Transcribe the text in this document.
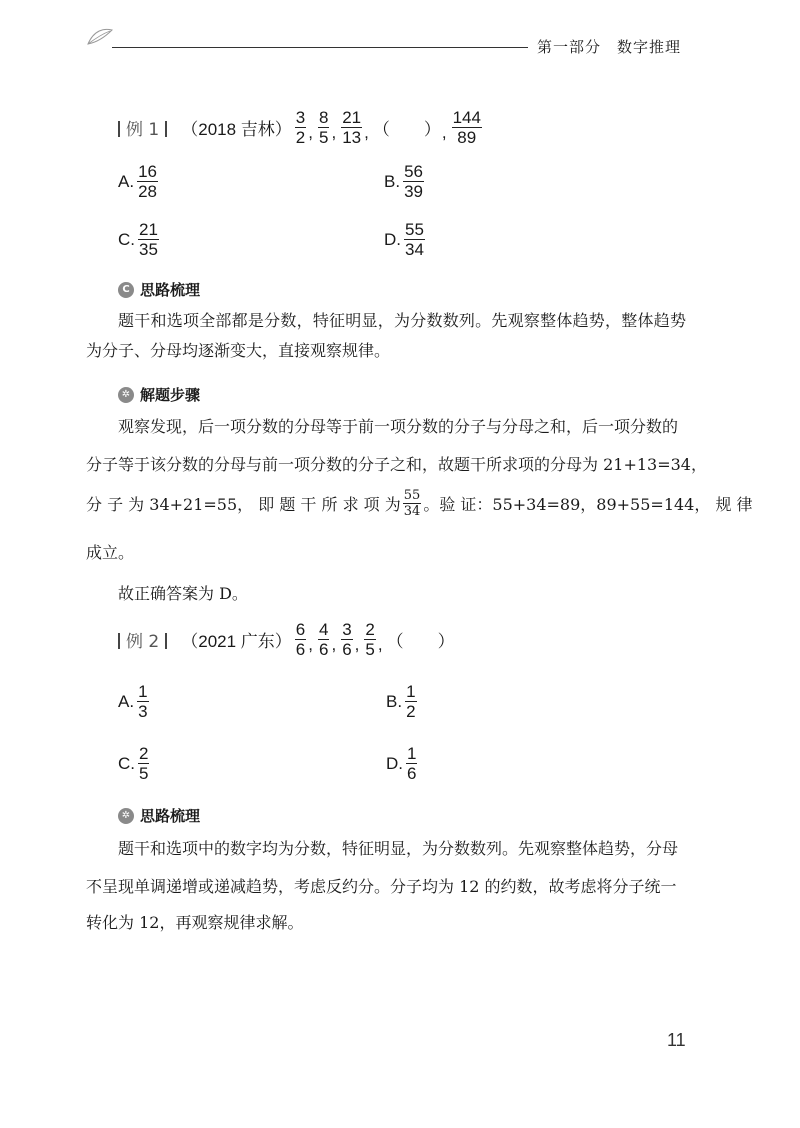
第一部分　数字推理
例 1	（2018 吉林） $\frac{3}{2}$ , $\frac{8}{5}$ , $\frac{21}{13}$ , （　　） , $\frac{144}{89}$
A. $\frac{16}{28}$	B. $\frac{56}{39}$
C. $\frac{21}{35}$	D. $\frac{55}{34}$
C 思路梳理
题干和选项全部都是分数，特征明显，为分数数列。先观察整体趋势，整体趋势为分子、分母均逐渐变大，直接观察规律。
✲ 解题步骤
观察发现，后一项分数的分母等于前一项分数的分子与分母之和，后一项分数的
分子等于该分数的分母与前一项分数的分子之和，故题干所求项的分母为 21+13=34，
分 子 为 34+21=55， 即 题 干 所 求 项 为 $\frac{55}{34}$ 。验 证：55+34=89，89+55=144， 规 律
成立。
故正确答案为 D。
例 2	（2021 广东） $\frac{6}{6}$ , $\frac{4}{6}$ , $\frac{3}{6}$ , $\frac{2}{5}$ , （　　）
A. $\frac{1}{3}$	B. $\frac{1}{2}$
C. $\frac{2}{5}$	D. $\frac{1}{6}$
✲ 思路梳理
题干和选项中的数字均为分数，特征明显，为分数数列。先观察整体趋势，分母
不呈现单调递增或递减趋势，考虑反约分。分子均为 12 的约数，故考虑将分子统一
转化为 12，再观察规律求解。
11
